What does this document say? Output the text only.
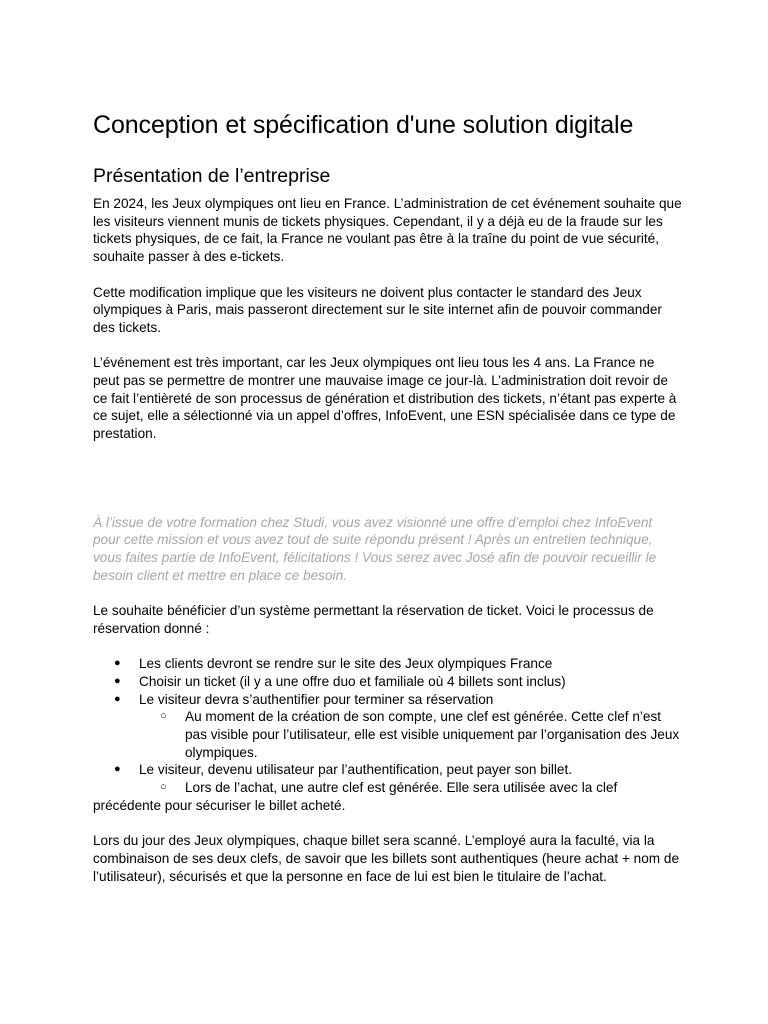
Conception et spécification d'une solution digitale
Présentation de l’entreprise

En 2024, les Jeux olympiques ont lieu en France. L’administration de cet événement souhaite que les visiteurs viennent munis de tickets physiques. Cependant, il y a déjà eu de la fraude sur les tickets physiques, de ce fait, la France ne voulant pas être à la traîne du point de vue sécurité, souhaite passer à des e-tickets.

Cette modification implique que les visiteurs ne doivent plus contacter le standard des Jeux olympiques à Paris, mais passeront directement sur le site internet afin de pouvoir commander des tickets.

L’événement est très important, car les Jeux olympiques ont lieu tous les 4 ans. La France ne peut pas se permettre de montrer une mauvaise image ce jour-là. L’administration doit revoir de ce fait l’entièreté de son processus de génération et distribution des tickets, n’étant pas experte à ce sujet, elle a sélectionné via un appel d’offres, InfoEvent, une ESN spécialisée dans ce type de prestation.

À l’issue de votre formation chez Studi, vous avez visionné une offre d’emploi chez InfoEvent pour cette mission et vous avez tout de suite répondu présent ! Après un entretien technique, vous faites partie de InfoEvent, félicitations ! Vous serez avec José afin de pouvoir recueillir le besoin client et mettre en place ce besoin.

Le souhaite bénéficier d’un système permettant la réservation de ticket. Voici le processus de réservation donné :

● Les clients devront se rendre sur le site des Jeux olympiques France
● Choisir un ticket (il y a une offre duo et familiale où 4 billets sont inclus)
● Le visiteur devra s’authentifier pour terminer sa réservation
○ Au moment de la création de son compte, une clef est générée. Cette clef n’est pas visible pour l’utilisateur, elle est visible uniquement par l’organisation des Jeux olympiques.
● Le visiteur, devenu utilisateur par l’authentification, peut payer son billet.
○ Lors de l’achat, une autre clef est générée. Elle sera utilisée avec la clef
précédente pour sécuriser le billet acheté.

Lors du jour des Jeux olympiques, chaque billet sera scanné. L’employé aura la faculté, via la combinaison de ses deux clefs, de savoir que les billets sont authentiques (heure achat + nom de l’utilisateur), sécurisés et que la personne en face de lui est bien le titulaire de l’achat.
